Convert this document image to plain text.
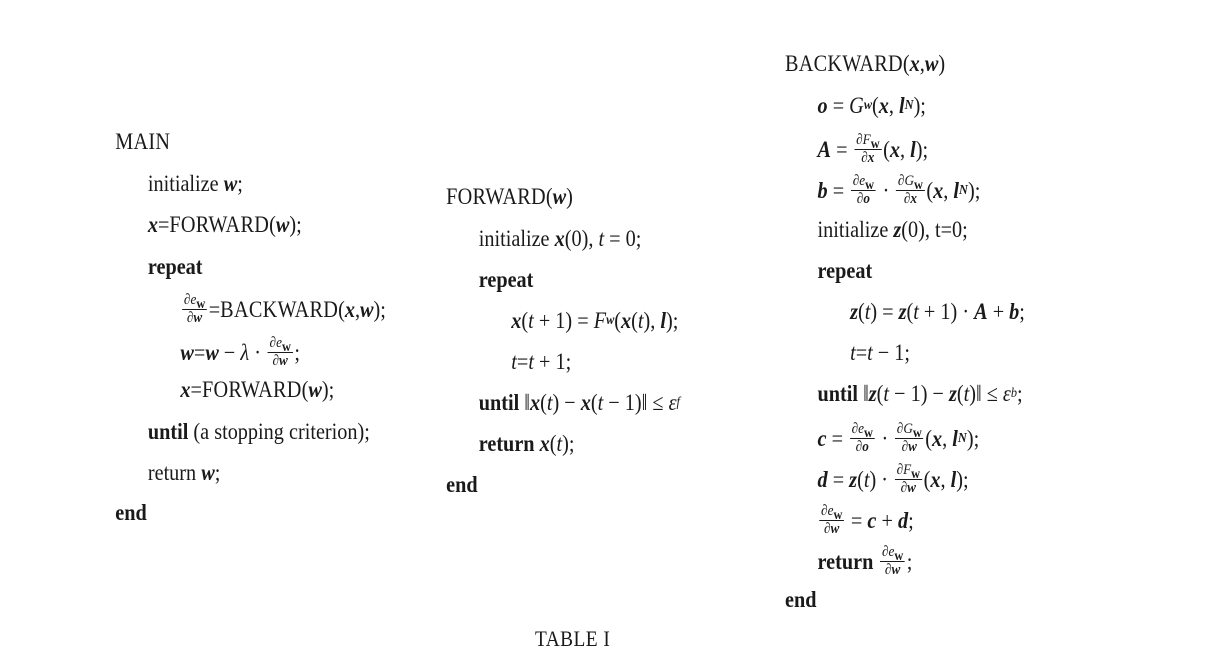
MAIN
initialize
w ;
x = FORWARD ( w );
repeat
$\frac{\partial e_w}{\partial w}$ = BACKWARD ( x , w );
$w = w - \lambda \cdot \frac{\partial e_w}{\partial w}$ ;
x = FORWARD ( w );
until
(a stopping criterion);
return
w ;
end
FORWARD ( w )
initialize
x (0), t = 0;
repeat
x ( t + 1) = F w ( x ( t ), l );
t = t + 1;
until ‖ x ( t ) − x ( t − 1)‖ ≤ ε f
return
x ( t );
end
BACKWARD ( x , w )
o = G w ( x , l N );
$A = \frac{\partial F_w}{\partial x}$ ( x , l );
$b = \frac{\partial e_w}{\partial o} \cdot \frac{\partial G_w}{\partial x}$ ( x , l N );
initialize
z (0), t=0;
repeat
z ( t ) = z ( t + 1) · A + b ;
t = t − 1;
until ‖ z ( t − 1) − z ( t )‖ ≤ ε b ;
$c = \frac{\partial e_w}{\partial o} \cdot \frac{\partial G_w}{\partial w}$ ( x , l N );
d = z ( t ) · $\frac{\partial F_w}{\partial w}$ ( x , l );
$\frac{\partial e_w}{\partial w} = c + d$ ;
return
$\frac{\partial e_w}{\partial w}$ ;
end
TABLE I
